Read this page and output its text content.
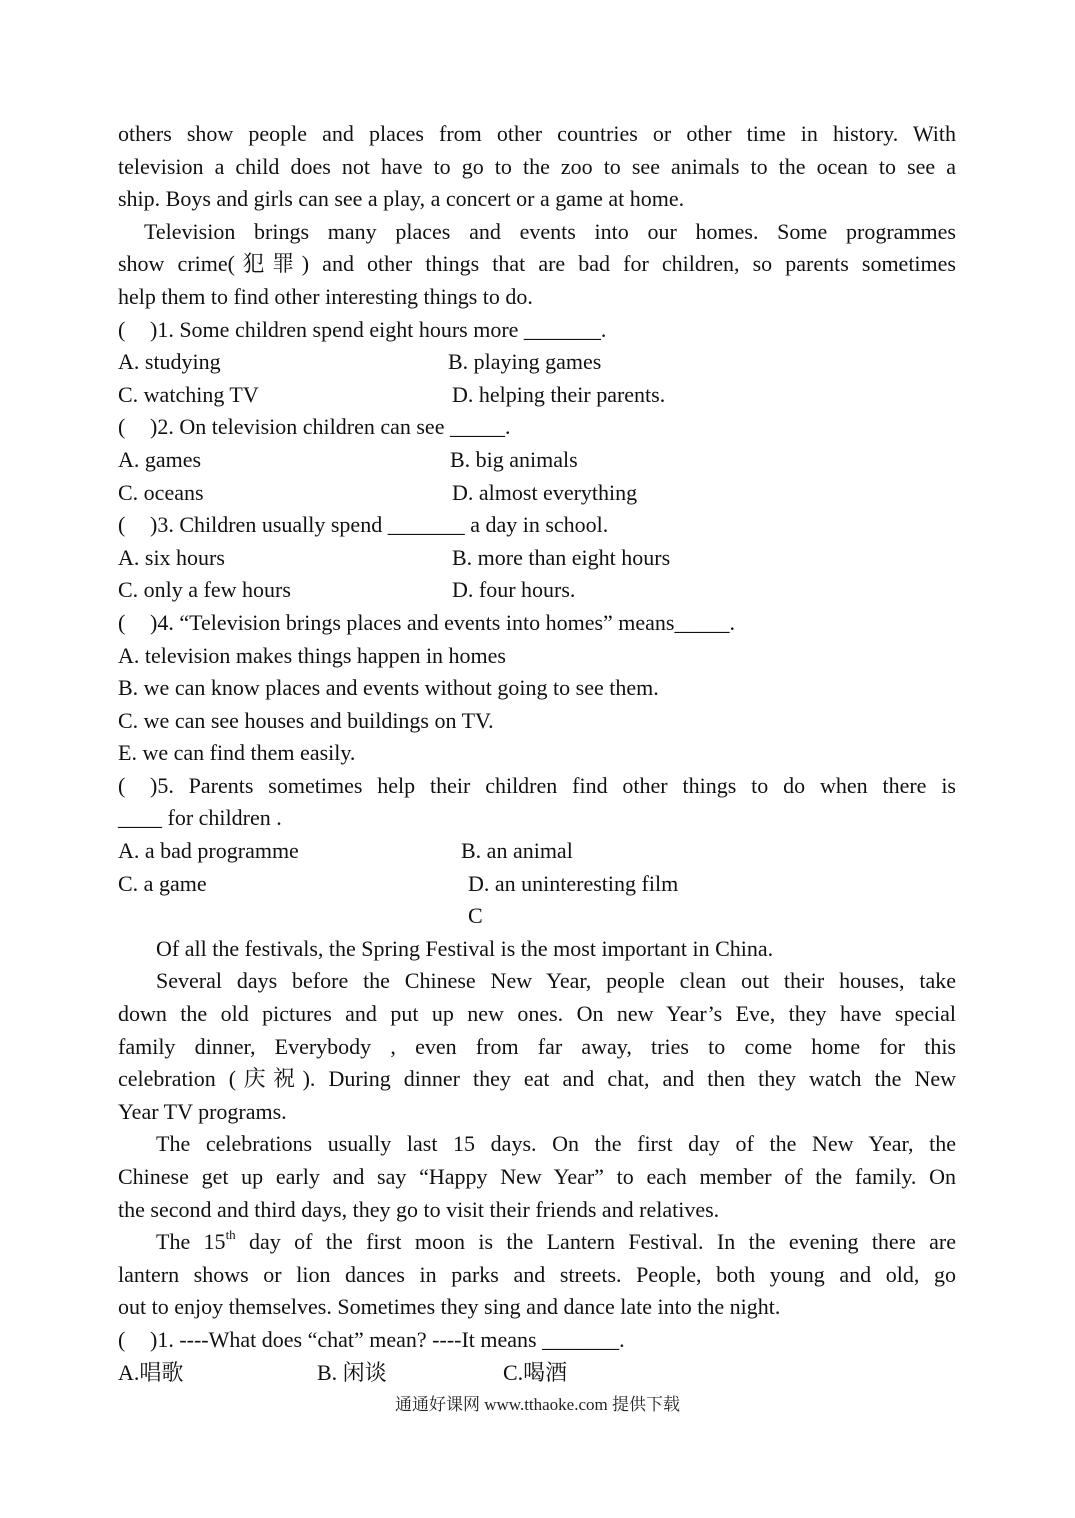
others show people and places from other countries or other time in history. With
television a child does not have to go to the zoo to see animals to the ocean to see a
ship. Boys and girls can see a play, a concert or a game at home.
Television brings many places and events into our homes. Some programmes
show crime(犯罪) and other things that are bad for children, so parents sometimes
help them to find other interesting things to do.
( )1. Some children spend eight hours more _______.
A. studying	B. playing games
C. watching TV	D. helping their parents.
( )2. On television children can see _____.
A. games	B. big animals
C. oceans	D. almost everything
( )3. Children usually spend _______ a day in school.
A. six hours	B. more than eight hours
C. only a few hours	D. four hours.
( )4. “Television brings places and events into homes” means_____.
A. television makes things happen in homes
B. we can know places and events without going to see them.
C. we can see houses and buildings on TV.
E. we can find them easily.
( )5. Parents sometimes help their children find other things to do when there is
____ for children .
A. a bad programme	B. an animal
C. a game	D. an uninteresting film
C
Of all the festivals, the Spring Festival is the most important in China.
Several days before the Chinese New Year, people clean out their houses, take
down the old pictures and put up new ones. On new Year’s Eve, they have special
family dinner, Everybody , even from far away, tries to come home for this
celebration (庆祝). During dinner they eat and chat, and then they watch the New
Year TV programs.
The celebrations usually last 15 days. On the first day of the New Year, the
Chinese get up early and say “Happy New Year” to each member of the family. On
the second and third days, they go to visit their friends and relatives.
The 15th day of the first moon is the Lantern Festival. In the evening there are
lantern shows or lion dances in parks and streets. People, both young and old, go
out to enjoy themselves. Sometimes they sing and dance late into the night.
( )1. ----What does “chat” mean? ----It means _______.
A.唱歌	B. 闲谈	C.喝酒
通通好课网 www.tthaoke.com 提供下载
